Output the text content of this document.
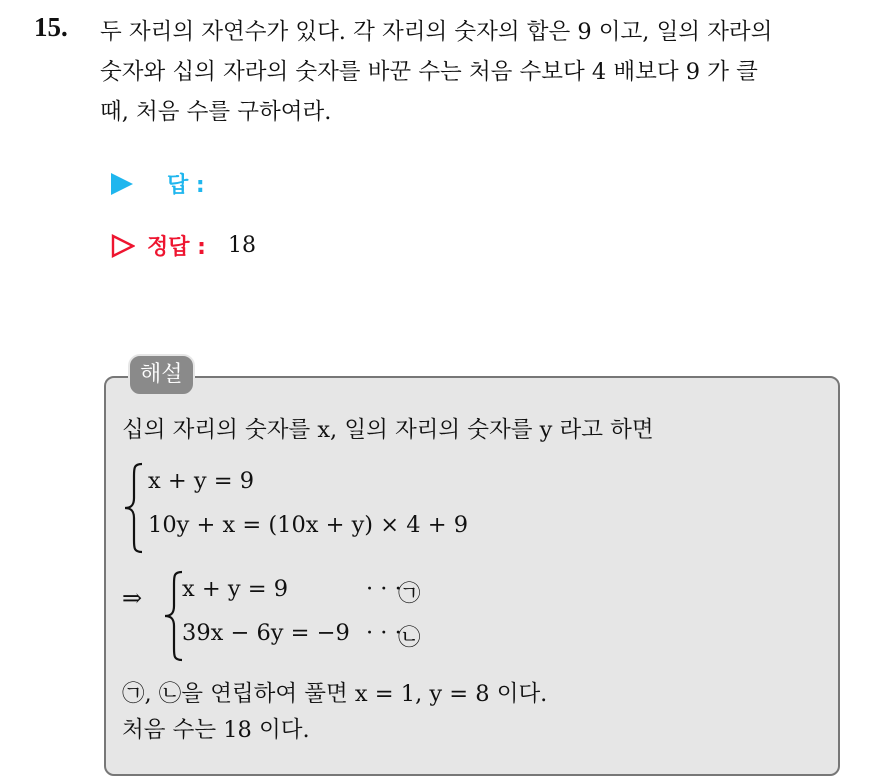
15. 두 자리의 자연수가 있다. 각 자리의 숫자의 합은 9 이고, 일의 자라의

숫자와 십의 자라의 숫자를 바꾼 수는 처음 수보다 4 배보다 9 가 클

때, 처음 수를 구하여라.

답 :
정답 : 18
해설
십의 자리의 숫자를 x, 일의 자리의 숫자를 y 라고 하면
x + y = 9
10y + x = (10x + y) × 4 + 9
⇒ x + y = 9
39x − 6y = −9
· · ·
· · ·
㉠
㉡
㉠, ㉡을 연립하여 풀면 x = 1, y = 8 이다.
처음 수는 18 이다.
